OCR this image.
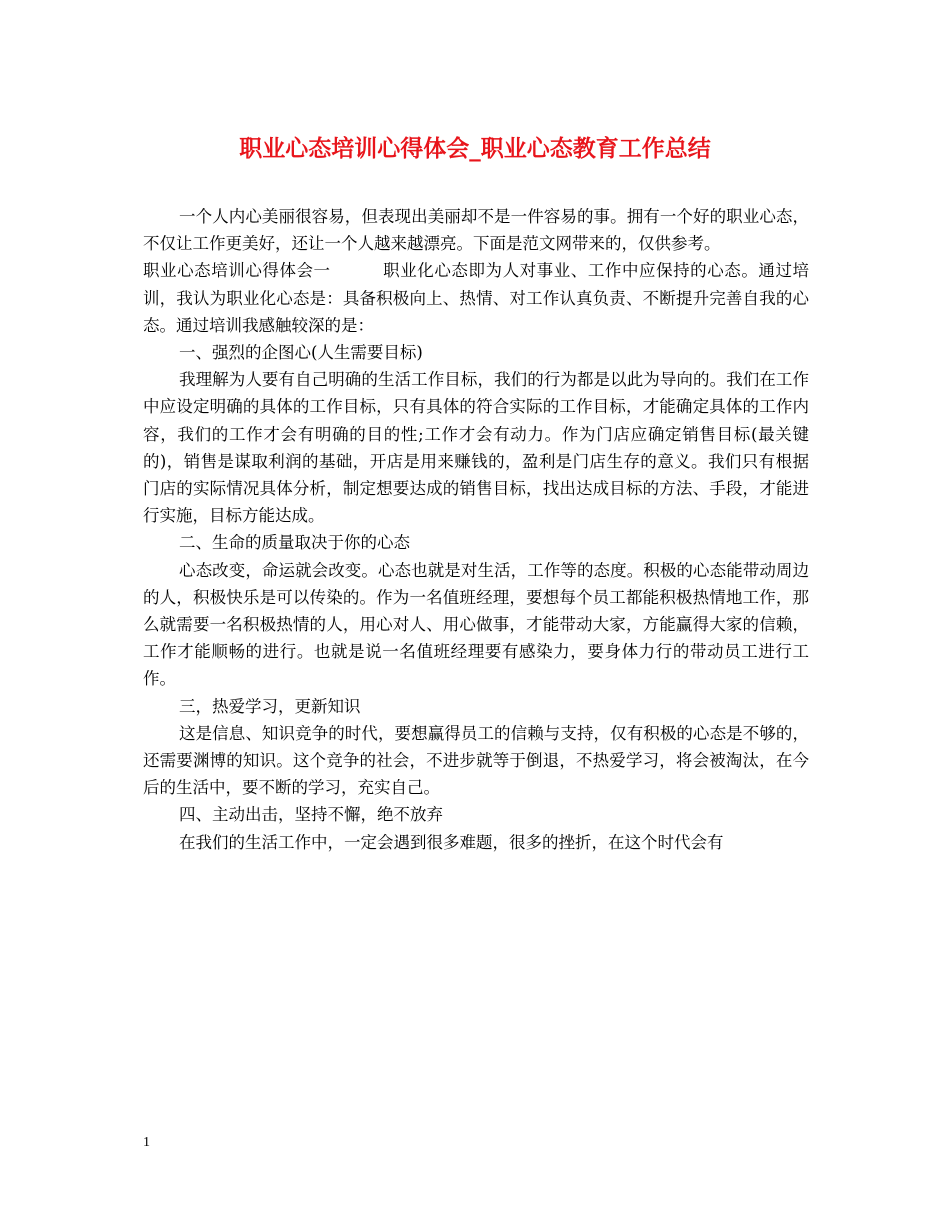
职业心态培训心得体会_职业心态教育工作总结

一个人内心美丽很容易，但表现出美丽却不是一件容易的事。拥有一个好的职业心态，不仅让工作更美好，还让一个人越来越漂亮。下面是范文网带来的，仅供参考。

职业心态培训心得体会一	职业化心态即为人对事业、工作中应保持的心态。通过培训，我认为职业化心态是：具备积极向上、热情、对工作认真负责、不断提升完善自我的心态。通过培训我感触较深的是：

一、强烈的企图心(人生需要目标)

我理解为人要有自己明确的生活工作目标，我们的行为都是以此为导向的。我们在工作中应设定明确的具体的工作目标，只有具体的符合实际的工作目标，才能确定具体的工作内容，我们的工作才会有明确的目的性;工作才会有动力。作为门店应确定销售目标(最关键的)，销售是谋取利润的基础，开店是用来赚钱的，盈利是门店生存的意义。我们只有根据门店的实际情况具体分析，制定想要达成的销售目标，找出达成目标的方法、手段，才能进行实施，目标方能达成。

二、生命的质量取决于你的心态

心态改变，命运就会改变。心态也就是对生活，工作等的态度。积极的心态能带动周边的人，积极快乐是可以传染的。作为一名值班经理，要想每个员工都能积极热情地工作，那么就需要一名积极热情的人，用心对人、用心做事，才能带动大家，方能赢得大家的信赖，工作才能顺畅的进行。也就是说一名值班经理要有感染力，要身体力行的带动员工进行工作。

三，热爱学习，更新知识

这是信息、知识竞争的时代，要想赢得员工的信赖与支持，仅有积极的心态是不够的，还需要渊博的知识。这个竞争的社会，不进步就等于倒退，不热爱学习，将会被淘汰，在今后的生活中，要不断的学习，充实自己。

四、主动出击，坚持不懈，绝不放弃

在我们的生活工作中，一定会遇到很多难题，很多的挫折，在这个时代会有

1
